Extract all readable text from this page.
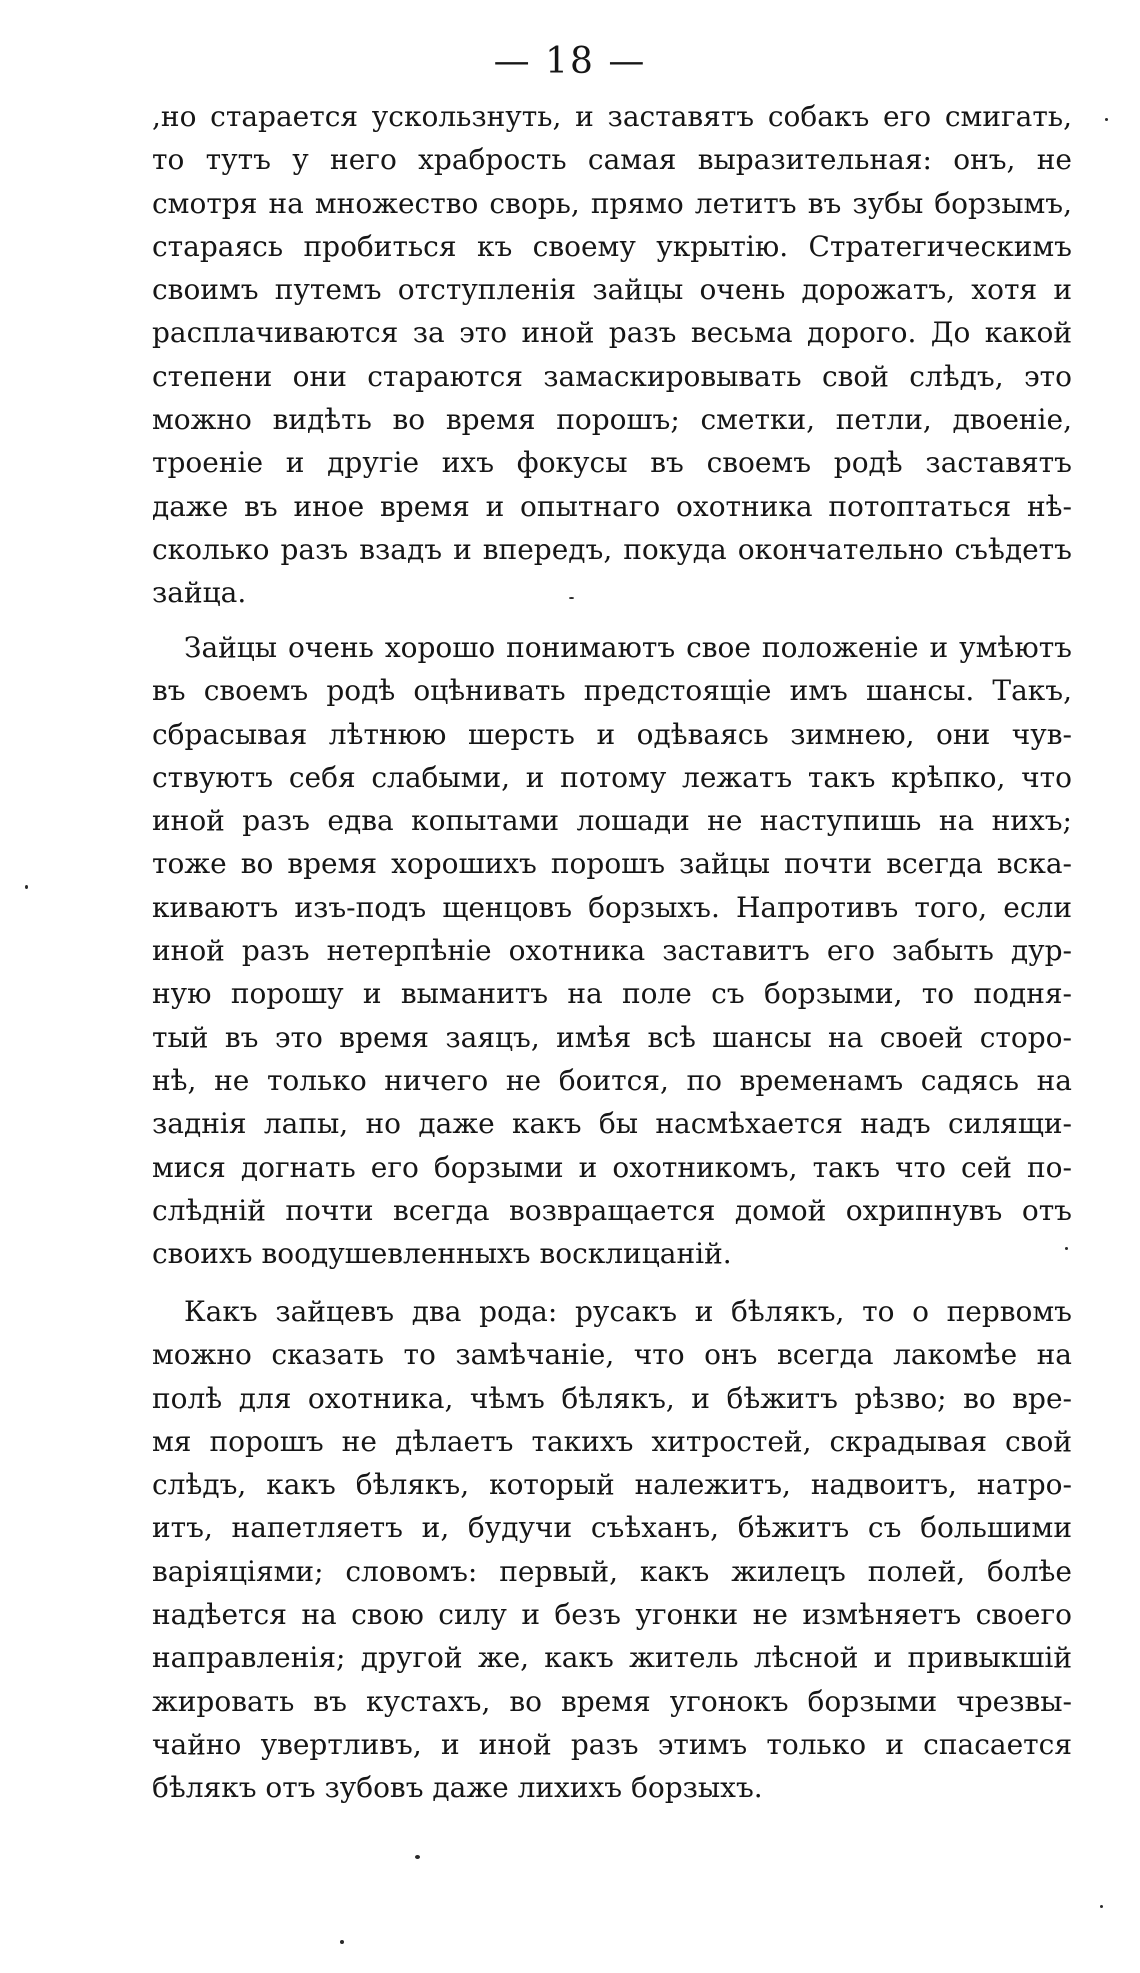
— 18 —
,но старается ускользнуть, и заставятъ собакъ его смигать,
то тутъ у него храбрость самая выразительная: онъ, не
смотря на множество сворь, прямо летитъ въ зубы борзымъ,
стараясь пробиться къ своему укрытію. Стратегическимъ
своимъ путемъ отступленія зайцы очень дорожатъ, хотя и
расплачиваются за это иной разъ весьма дорого. До какой
степени они стараются замаскировывать свой слѣдъ, это
можно видѣть во время порошъ; сметки, петли, двоеніе,
троеніе и другіе ихъ фокусы въ своемъ родѣ заставятъ
даже въ иное время и опытнаго охотника потоптаться нѣ-
сколько разъ взадъ и впередъ, покуда окончательно съѣдетъ
зайца.
Зайцы очень хорошо понимаютъ свое положеніе и умѣютъ
въ своемъ родѣ оцѣнивать предстоящіе имъ шансы. Такъ,
сбрасывая лѣтнюю шерсть и одѣваясь зимнею, они чув-
ствуютъ себя слабыми, и потому лежатъ такъ крѣпко, что
иной разъ едва копытами лошади не наступишь на нихъ;
тоже во время хорошихъ порошъ зайцы почти всегда вска-
киваютъ изъ-подъ щенцовъ борзыхъ. Напротивъ того, если
иной разъ нетерпѣніе охотника заставитъ его забыть дур-
ную порошу и выманитъ на поле съ борзыми, то подня-
тый въ это время заяцъ, имѣя всѣ шансы на своей сторо-
нѣ, не только ничего не боится, по временамъ садясь на
заднія лапы, но даже какъ бы насмѣхается надъ силящи-
мися догнать его борзыми и охотникомъ, такъ что сей по-
слѣдній почти всегда возвращается домой охрипнувъ отъ
своихъ воодушевленныхъ восклицаній.
Какъ зайцевъ два рода: русакъ и бѣлякъ, то о первомъ
можно сказать то замѣчаніе, что онъ всегда лакомѣе на
полѣ для охотника, чѣмъ бѣлякъ, и бѣжитъ рѣзво; во вре-
мя порошъ не дѣлаетъ такихъ хитростей, скрадывая свой
слѣдъ, какъ бѣлякъ, который належитъ, надвоитъ, натро-
итъ, напетляетъ и, будучи съѣханъ, бѣжитъ съ большими
варіяціями; словомъ: первый, какъ жилецъ полей, болѣе
надѣется на свою силу и безъ угонки не измѣняетъ своего
направленія; другой же, какъ житель лѣсной и привыкшій
жировать въ кустахъ, во время угонокъ борзыми чрезвы-
чайно увертливъ, и иной разъ этимъ только и спасается
бѣлякъ отъ зубовъ даже лихихъ борзыхъ.
